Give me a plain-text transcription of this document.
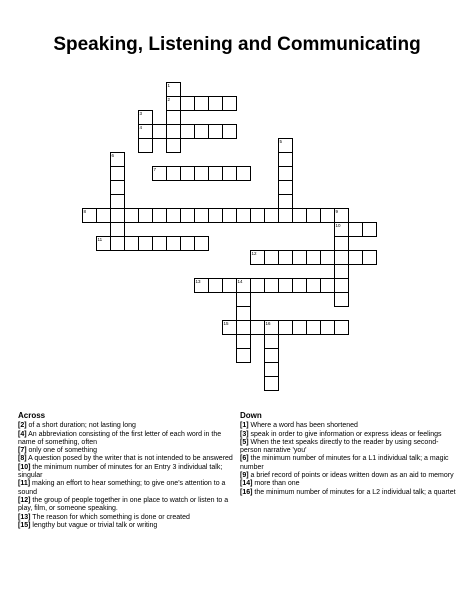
Speaking, Listening and Communicating
1
2
3
4
5
6
7
8	9
10
11
12
13	14
15	16
Across

[2] of a short duration; not lasting long

[4] An abbreviation consisting of the first letter of each word in the name of something, often

[7] only one of something

[8] A question posed by the writer that is not intended to be answered

[10] the minimum number of minutes for an Entry 3 individual talk; singular

[11] making an effort to hear something; to give one's attention to a sound

[12] the group of people together in one place to watch or listen to a play, film, or someone speaking.

[13] The reason for which something is done or created

[15] lengthy but vague or trivial talk or writing

Down

[1] Where a word has been shortened

[3] speak in order to give information or express ideas or feelings

[5] When the text speaks directly to the reader by using second-person narrative 'you'

[6] the minimum number of minutes for a L1 individual talk; a magic number

[9] a brief record of points or ideas written down as an aid to memory

[14] more than one

[16] the minimum number of minutes for a L2 individual talk; a quartet
